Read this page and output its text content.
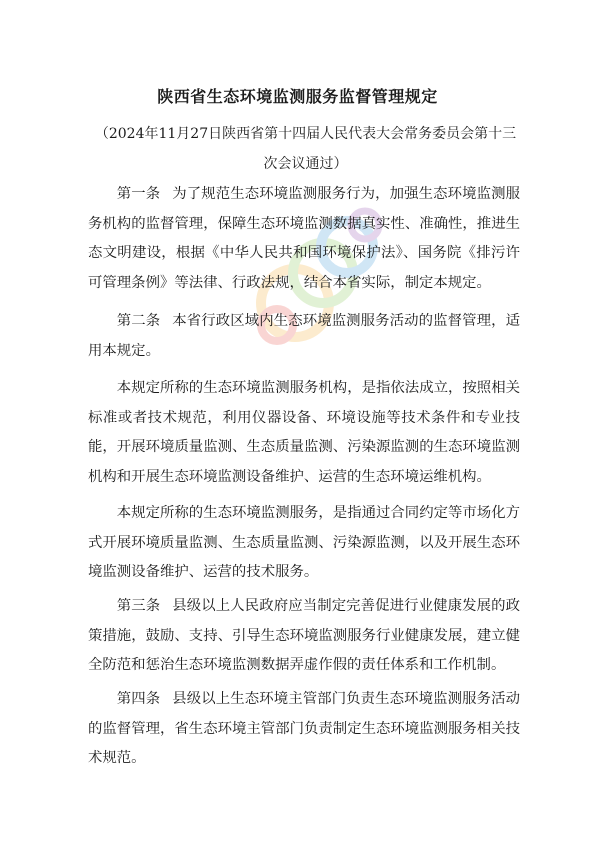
陕西省生态环境监测服务监督管理规定
（2024年11月27日陕西省第十四届人民代表大会常务委员会第十三次会议通过）

第一条 为了规范生态环境监测服务行为，加强生态环境监测服务机构的监督管理，保障生态环境监测数据真实性、准确性，推进生态文明建设，根据《中华人民共和国环境保护法》、国务院《排污许可管理条例》等法律、行政法规，结合本省实际，制定本规定。

第二条 本省行政区域内生态环境监测服务活动的监督管理，适用本规定。

本规定所称的生态环境监测服务机构，是指依法成立，按照相关标准或者技术规范，利用仪器设备、环境设施等技术条件和专业技能，开展环境质量监测、生态质量监测、污染源监测的生态环境监测机构和开展生态环境监测设备维护、运营的生态环境运维机构。

本规定所称的生态环境监测服务，是指通过合同约定等市场化方式开展环境质量监测、生态质量监测、污染源监测，以及开展生态环境监测设备维护、运营的技术服务。

第三条 县级以上人民政府应当制定完善促进行业健康发展的政策措施，鼓励、支持、引导生态环境监测服务行业健康发展，建立健全防范和惩治生态环境监测数据弄虚作假的责任体系和工作机制。

第四条 县级以上生态环境主管部门负责生态环境监测服务活动的监督管理，省生态环境主管部门负责制定生态环境监测服务相关技术规范。
